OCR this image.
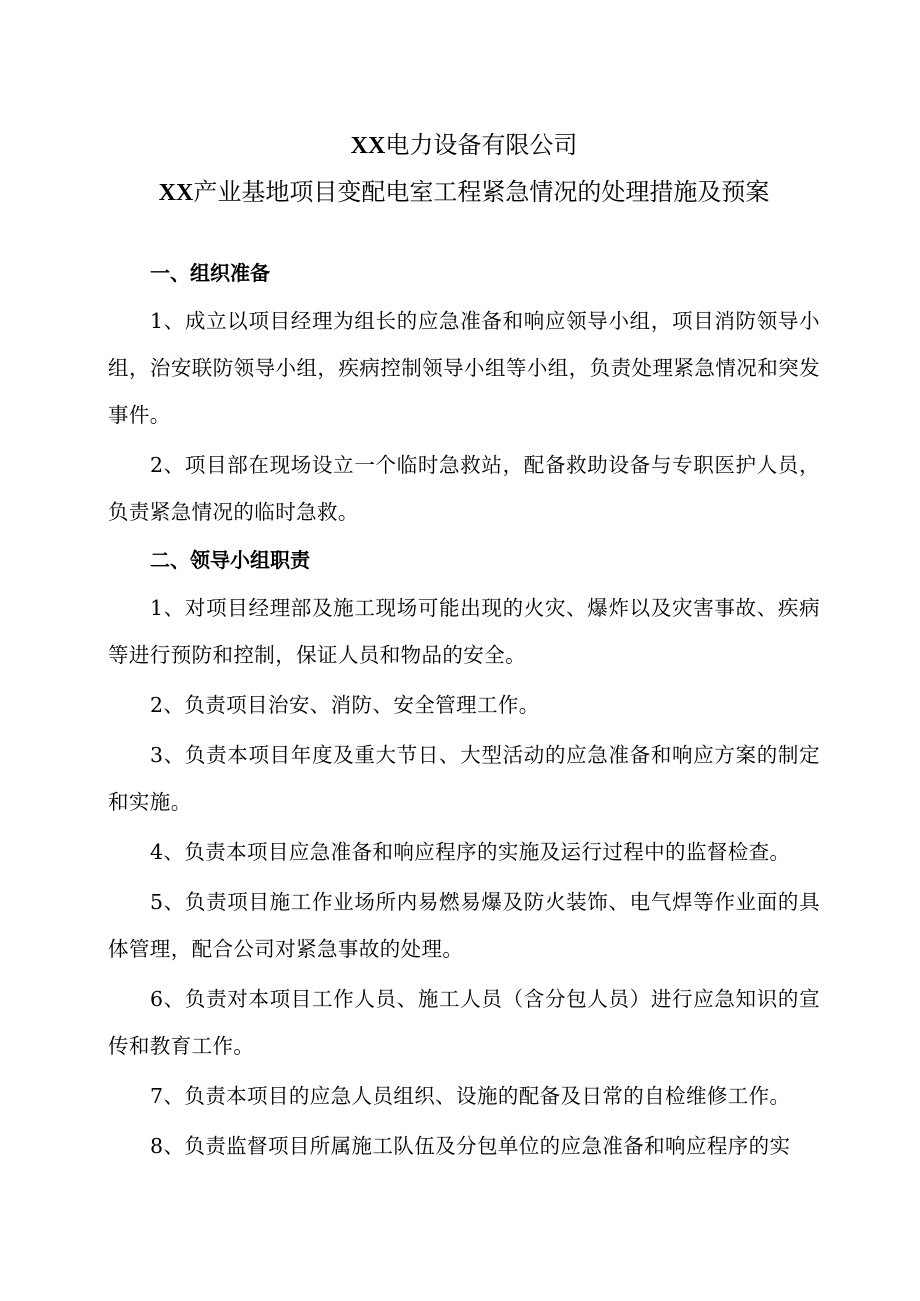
XX电力设备有限公司
XX产业基地项目变配电室工程紧急情况的处理措施及预案
一、组织准备

1、成立以项目经理为组长的应急准备和响应领导小组，项目消防领导小组，治安联防领导小组，疾病控制领导小组等小组，负责处理紧急情况和突发事件。

2、项目部在现场设立一个临时急救站，配备救助设备与专职医护人员，负责紧急情况的临时急救。

二、领导小组职责

1、对项目经理部及施工现场可能出现的火灾、爆炸以及灾害事故、疾病等进行预防和控制，保证人员和物品的安全。

2、负责项目治安、消防、安全管理工作。

3、负责本项目年度及重大节日、大型活动的应急准备和响应方案的制定和实施。

4、负责本项目应急准备和响应程序的实施及运行过程中的监督检查。

5、负责项目施工作业场所内易燃易爆及防火装饰、电气焊等作业面的具体管理，配合公司对紧急事故的处理。

6、负责对本项目工作人员、施工人员（含分包人员）进行应急知识的宣传和教育工作。

7、负责本项目的应急人员组织、设施的配备及日常的自检维修工作。

8、负责监督项目所属施工队伍及分包单位的应急准备和响应程序的实
